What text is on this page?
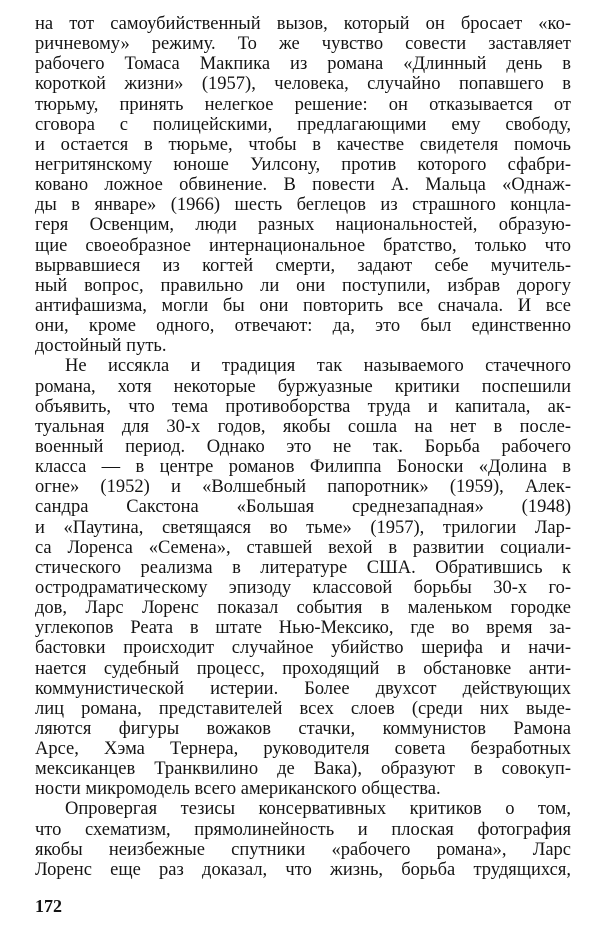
на тот самоубийственный вызов, который он бросает «ко-
ричневому» режиму. То же чувство совести заставляет
рабочего Томаса Макпика из романа «Длинный день в
короткой жизни» (1957), человека, случайно попавшего в
тюрьму, принять нелегкое решение: он отказывается от
сговора с полицейскими, предлагающими ему свободу,
и остается в тюрьме, чтобы в качестве свидетеля помочь
негритянскому юноше Уилсону, против которого сфабри-
ковано ложное обвинение. В повести А. Мальца «Однаж-
ды в январе» (1966) шесть беглецов из страшного концла-
геря Освенцим, люди разных национальностей, образую-
щие своеобразное интернациональное братство, только что
вырвавшиеся из когтей смерти, задают себе мучитель-
ный вопрос, правильно ли они поступили, избрав дорогу
антифашизма, могли бы они повторить все сначала. И все
они, кроме одного, отвечают: да, это был единственно
достойный путь.
Не иссякла и традиция так называемого стачечного
романа, хотя некоторые буржуазные критики поспешили
объявить, что тема противоборства труда и капитала, ак-
туальная для 30-х годов, якобы сошла на нет в после-
военный период. Однако это не так. Борьба рабочего
класса — в центре романов Филиппа Боноски «Долина в
огне» (1952) и «Волшебный папоротник» (1959), Алек-
сандра Сакстона «Большая среднезападная» (1948)
и «Паутина, светящаяся во тьме» (1957), трилогии Лар-
са Лоренса «Семена», ставшей вехой в развитии социали-
стического реализма в литературе США. Обратившись к
остродраматическому эпизоду классовой борьбы 30-х го-
дов, Ларс Лоренс показал события в маленьком городке
углекопов Реата в штате Нью-Мексико, где во время за-
бастовки происходит случайное убийство шерифа и начи-
нается судебный процесс, проходящий в обстановке анти-
коммунистической истерии. Более двухсот действующих
лиц романа, представителей всех слоев (среди них выде-
ляются фигуры вожаков стачки, коммунистов Рамона
Арсе, Хэма Тернера, руководителя совета безработных
мексиканцев Транквилино де Вака), образуют в совокуп-
ности микромодель всего американского общества.
Опровергая тезисы консервативных критиков о том,
что схематизм, прямолинейность и плоская фотография
якобы неизбежные спутники «рабочего романа», Ларс
Лоренс еще раз доказал, что жизнь, борьба трудящихся,
172
